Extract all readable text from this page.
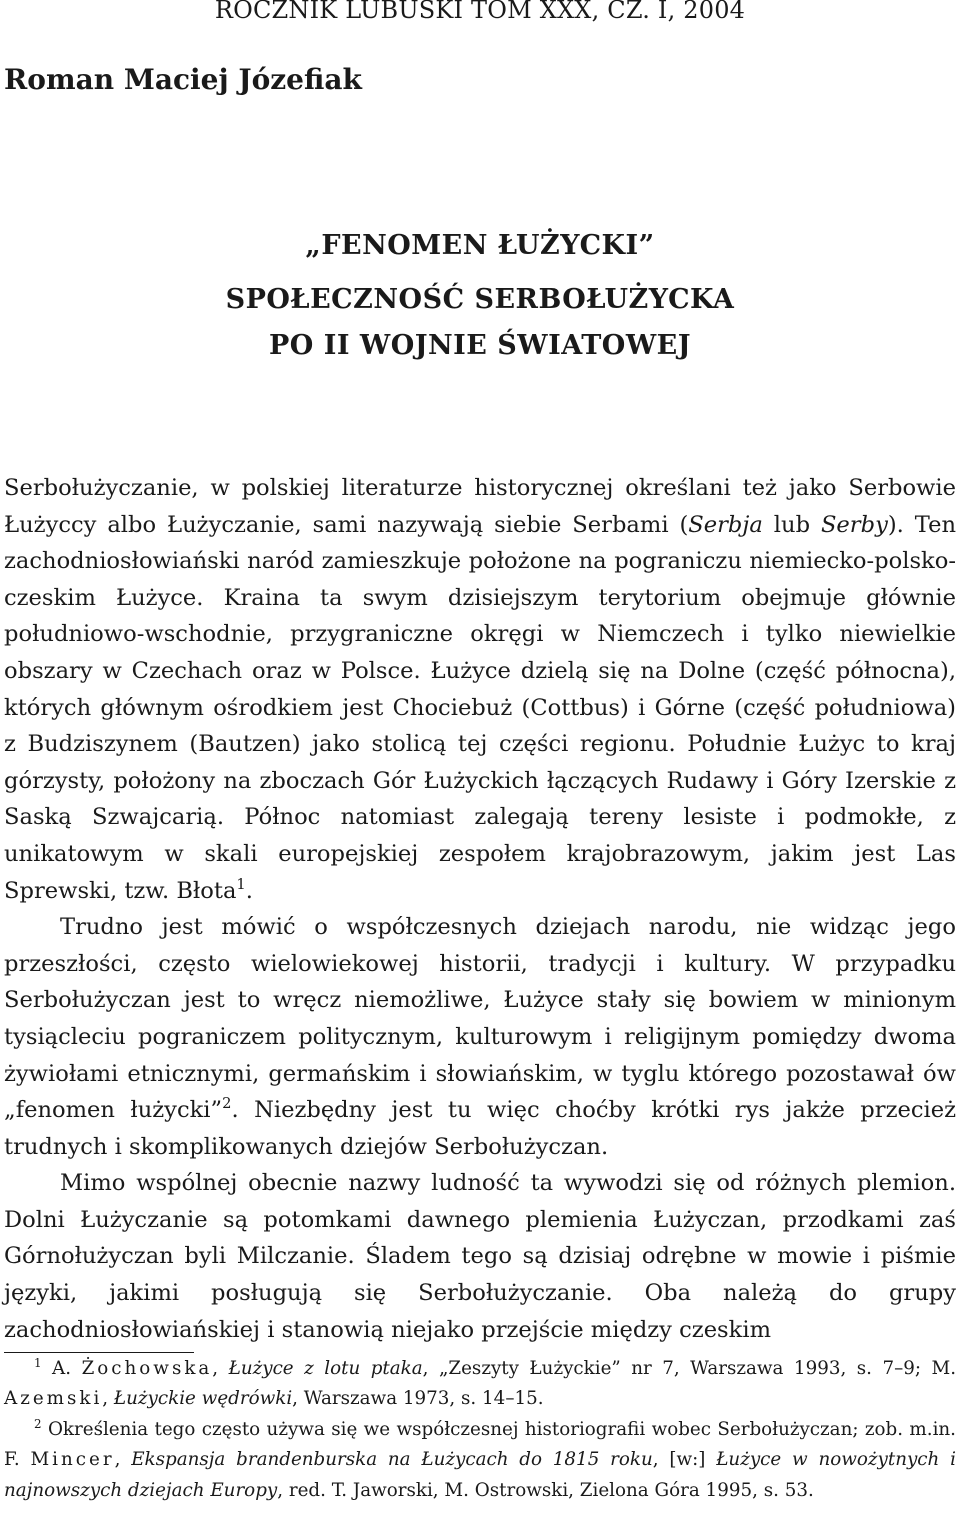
ROCZNIK LUBUSKI TOM XXX, CZ. I, 2004
Roman Maciej Józefiak
„FENOMEN ŁUŻYCKI”
SPOŁECZNOŚĆ SERBOŁUŻYCKA
PO II WOJNIE ŚWIATOWEJ

Serbołużyczanie, w polskiej literaturze historycznej określani też jako Serbowie Łużyccy albo Łużyczanie, sami nazywają siebie Serbami (Serbja lub Serby). Ten zachodniosłowiański naród zamieszkuje położone na pograniczu niemiecko-polsko-czeskim Łużyce. Kraina ta swym dzisiejszym terytorium obejmuje głównie południowo-wschodnie, przygraniczne okręgi w Niemczech i tylko niewielkie obszary w Czechach oraz w Polsce. Łużyce dzielą się na Dolne (część północna), których głównym ośrodkiem jest Chociebuż (Cottbus) i Górne (część południowa) z Budziszynem (Bautzen) jako stolicą tej części regionu. Południe Łużyc to kraj górzysty, położony na zboczach Gór Łużyckich łączących Rudawy i Góry Izerskie z Saską Szwajcarią. Północ natomiast zalegają tereny lesiste i podmokłe, z unikatowym w skali europejskiej zespołem krajobrazowym, jakim jest Las Sprewski, tzw. Błota$^1$.

Trudno jest mówić o współczesnych dziejach narodu, nie widząc jego przeszłości, często wielowiekowej historii, tradycji i kultury. W przypadku Serbołużyczan jest to wręcz niemożliwe, Łużyce stały się bowiem w minionym tysiącleciu pograniczem politycznym, kulturowym i religijnym pomiędzy dwoma żywiołami etnicznymi, germańskim i słowiańskim, w tyglu którego pozostawał ów „fenomen łużycki”$^2$. Niezbędny jest tu więc choćby krótki rys jakże przecież trudnych i skomplikowanych dziejów Serbołużyczan.

Mimo wspólnej obecnie nazwy ludność ta wywodzi się od różnych plemion. Dolni Łużyczanie są potomkami dawnego plemienia Łużyczan, przodkami zaś Górnołużyczan byli Milczanie. Śladem tego są dzisiaj odrębne w mowie i piśmie języki, jakimi posługują się Serbołużyczanie. Oba należą do grupy zachodniosłowiańskiej i stanowią niejako przejście między czeskim

$^1$ A. Żochowska, Łużyce z lotu ptaka, „Zeszyty Łużyckie” nr 7, Warszawa 1993, s. 7–9; M. Azemski, Łużyckie wędrówki, Warszawa 1973, s. 14–15.

$^2$ Określenia tego często używa się we współczesnej historiografii wobec Serbołużyczan; zob. m.in. F. Mincer, Ekspansja brandenburska na Łużycach do 1815 roku, [w:] Łużyce w nowożytnych i najnowszych dziejach Europy, red. T. Jaworski, M. Ostrowski, Zielona Góra 1995, s. 53.
